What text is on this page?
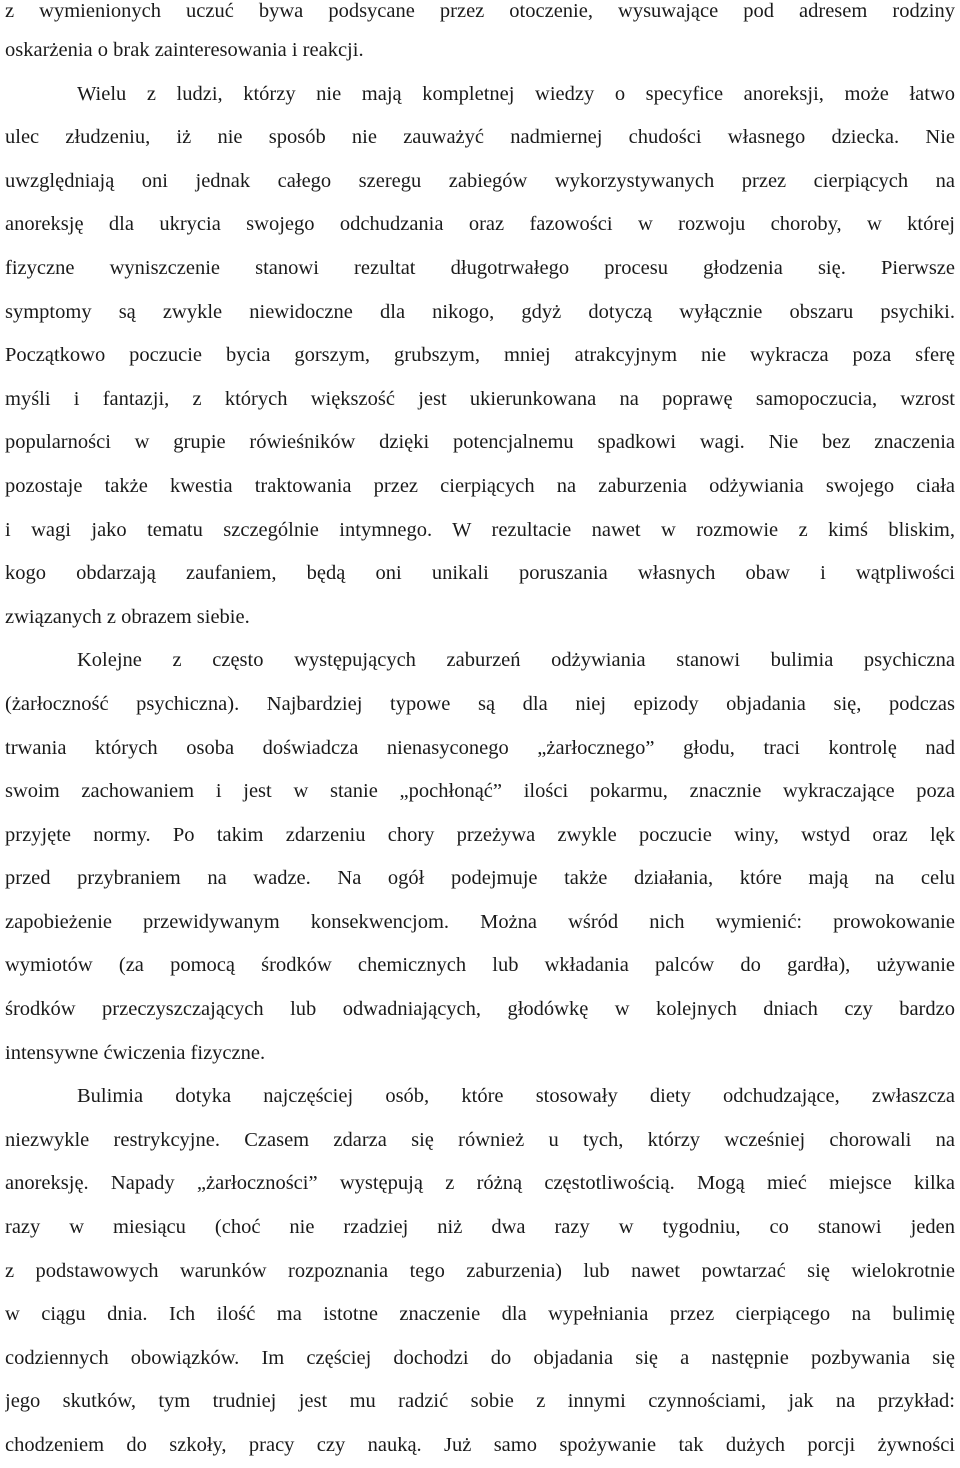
z wymienionych uczuć bywa podsycane przez otoczenie, wysuwające pod adresem rodziny
oskarżenia o brak zainteresowania i reakcji.
Wielu z ludzi, którzy nie mają kompletnej wiedzy o specyfice anoreksji, może łatwo
ulec złudzeniu, iż nie sposób nie zauważyć nadmiernej chudości własnego dziecka. Nie
uwzględniają oni jednak całego szeregu zabiegów wykorzystywanych przez cierpiących na
anoreksję dla ukrycia swojego odchudzania oraz fazowości w rozwoju choroby, w której
fizyczne wyniszczenie stanowi rezultat długotrwałego procesu głodzenia się. Pierwsze
symptomy są zwykle niewidoczne dla nikogo, gdyż dotyczą wyłącznie obszaru psychiki.
Początkowo poczucie bycia gorszym, grubszym, mniej atrakcyjnym nie wykracza poza sferę
myśli i fantazji, z których większość jest ukierunkowana na poprawę samopoczucia, wzrost
popularności w grupie rówieśników dzięki potencjalnemu spadkowi wagi. Nie bez znaczenia
pozostaje także kwestia traktowania przez cierpiących na zaburzenia odżywiania swojego ciała
i wagi jako tematu szczególnie intymnego. W rezultacie nawet w rozmowie z kimś bliskim,
kogo obdarzają zaufaniem, będą oni unikali poruszania własnych obaw i wątpliwości
związanych z obrazem siebie.
Kolejne z często występujących zaburzeń odżywiania stanowi bulimia psychiczna
(żarłoczność psychiczna). Najbardziej typowe są dla niej epizody objadania się, podczas
trwania których osoba doświadcza nienasyconego „żarłocznego” głodu, traci kontrolę nad
swoim zachowaniem i jest w stanie „pochłonąć” ilości pokarmu, znacznie wykraczające poza
przyjęte normy. Po takim zdarzeniu chory przeżywa zwykle poczucie winy, wstyd oraz lęk
przed przybraniem na wadze. Na ogół podejmuje także działania, które mają na celu
zapobieżenie przewidywanym konsekwencjom. Można wśród nich wymienić: prowokowanie
wymiotów (za pomocą środków chemicznych lub wkładania palców do gardła), używanie
środków przeczyszczających lub odwadniających, głodówkę w kolejnych dniach czy bardzo
intensywne ćwiczenia fizyczne.
Bulimia dotyka najczęściej osób, które stosowały diety odchudzające, zwłaszcza
niezwykle restrykcyjne. Czasem zdarza się również u tych, którzy wcześniej chorowali na
anoreksję. Napady „żarłoczności” występują z różną częstotliwością. Mogą mieć miejsce kilka
razy w miesiącu (choć nie rzadziej niż dwa razy w tygodniu, co stanowi jeden
z podstawowych warunków rozpoznania tego zaburzenia) lub nawet powtarzać się wielokrotnie
w ciągu dnia. Ich ilość ma istotne znaczenie dla wypełniania przez cierpiącego na bulimię
codziennych obowiązków. Im częściej dochodzi do objadania się a następnie pozbywania się
jego skutków, tym trudniej jest mu radzić sobie z innymi czynnościami, jak na przykład:
chodzeniem do szkoły, pracy czy nauką. Już samo spożywanie tak dużych porcji żywności
